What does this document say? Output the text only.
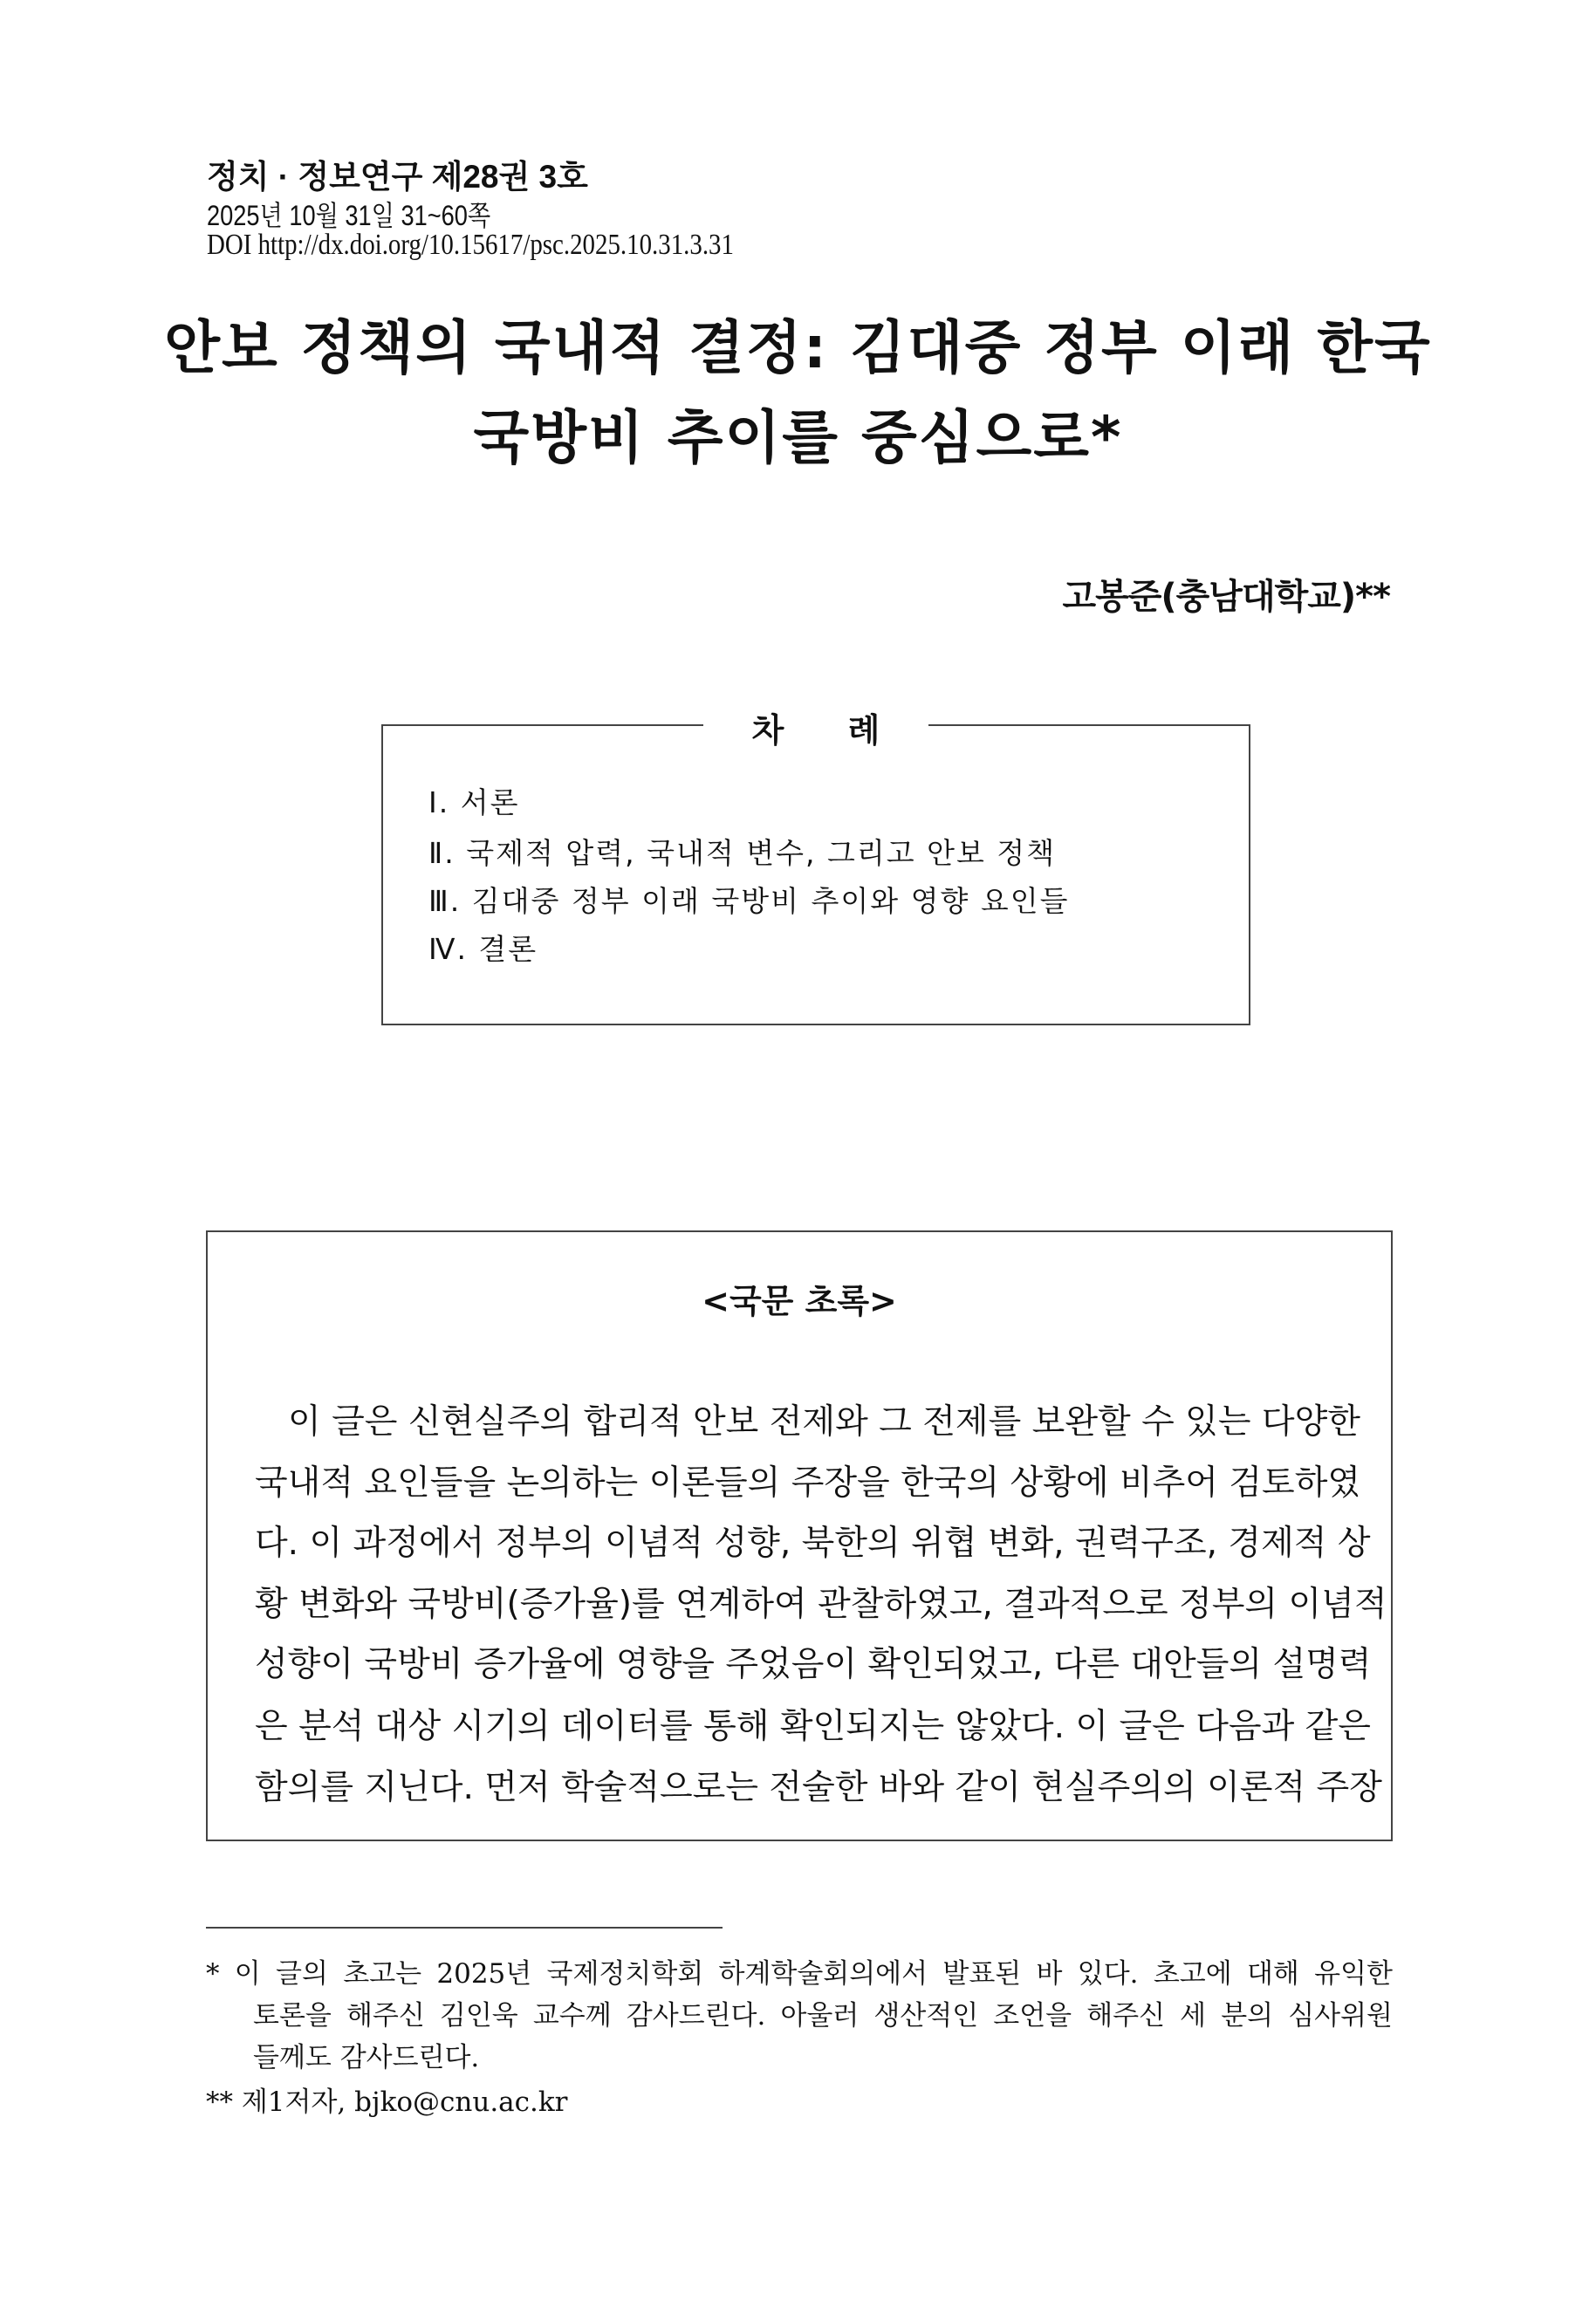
정치 · 정보연구 제28권 3호
2025년 10월 31일 31~60쪽
DOI http://dx.doi.org/10.15617/psc.2025.10.31.3.31
안보 정책의 국내적 결정: 김대중 정부 이래 한국
국방비 추이를 중심으로*
고봉준(충남대학교)**
차 례
Ⅰ. 서론
Ⅱ. 국제적 압력, 국내적 변수, 그리고 안보 정책
Ⅲ. 김대중 정부 이래 국방비 추이와 영향 요인들
Ⅳ. 결론
<국문 초록>
이 글은 신현실주의 합리적 안보 전제와 그 전제를 보완할 수 있는 다양한
국내적 요인들을 논의하는 이론들의 주장을 한국의 상황에 비추어 검토하였
다. 이 과정에서 정부의 이념적 성향, 북한의 위협 변화, 권력구조, 경제적 상
황 변화와 국방비(증가율)를 연계하여 관찰하였고, 결과적으로 정부의 이념적
성향이 국방비 증가율에 영향을 주었음이 확인되었고, 다른 대안들의 설명력
은 분석 대상 시기의 데이터를 통해 확인되지는 않았다. 이 글은 다음과 같은
함의를 지닌다. 먼저 학술적으로는 전술한 바와 같이 현실주의의 이론적 주장
* 이 글의 초고는 2025년 국제정치학회 하계학술회의에서 발표된 바 있다. 초고에 대해 유익한
토론을 해주신 김인욱 교수께 감사드린다. 아울러 생산적인 조언을 해주신 세 분의 심사위원
들께도 감사드린다.
** 제1저자, bjko@cnu.ac.kr
